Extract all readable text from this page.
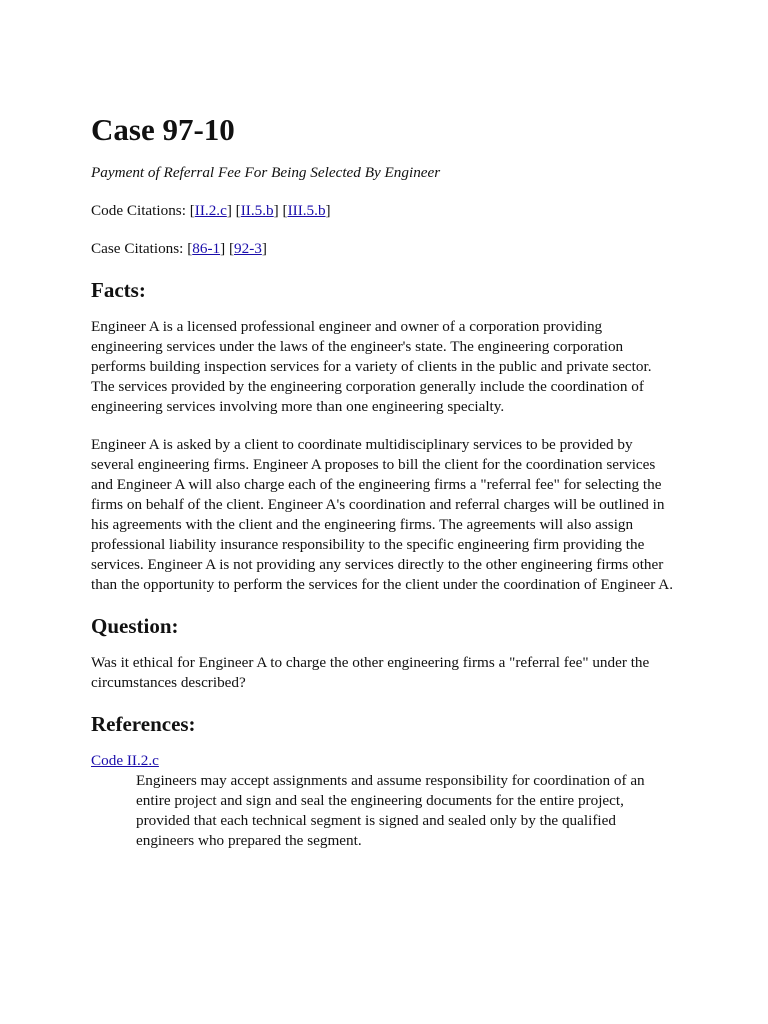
Case 97-10

Payment of Referral Fee For Being Selected By Engineer

Code Citations: [II.2.c] [II.5.b] [III.5.b]

Case Citations: [86-1] [92-3]

Facts:

Engineer A is a licensed professional engineer and owner of a corporation providing engineering services under the laws of the engineer's state. The engineering corporation performs building inspection services for a variety of clients in the public and private sector. The services provided by the engineering corporation generally include the coordination of engineering services involving more than one engineering specialty.

Engineer A is asked by a client to coordinate multidisciplinary services to be provided by several engineering firms. Engineer A proposes to bill the client for the coordination services and Engineer A will also charge each of the engineering firms a "referral fee" for selecting the firms on behalf of the client. Engineer A's coordination and referral charges will be outlined in his agreements with the client and the engineering firms. The agreements will also assign professional liability insurance responsibility to the specific engineering firm providing the services. Engineer A is not providing any services directly to the other engineering firms other than the opportunity to perform the services for the client under the coordination of Engineer A.

Question:

Was it ethical for Engineer A to charge the other engineering firms a "referral fee" under the circumstances described?

References:
Code II.2.c
Engineers may accept assignments and assume responsibility for coordination of an entire project and sign and seal the engineering documents for the entire project, provided that each technical segment is signed and sealed only by the qualified engineers who prepared the segment.
